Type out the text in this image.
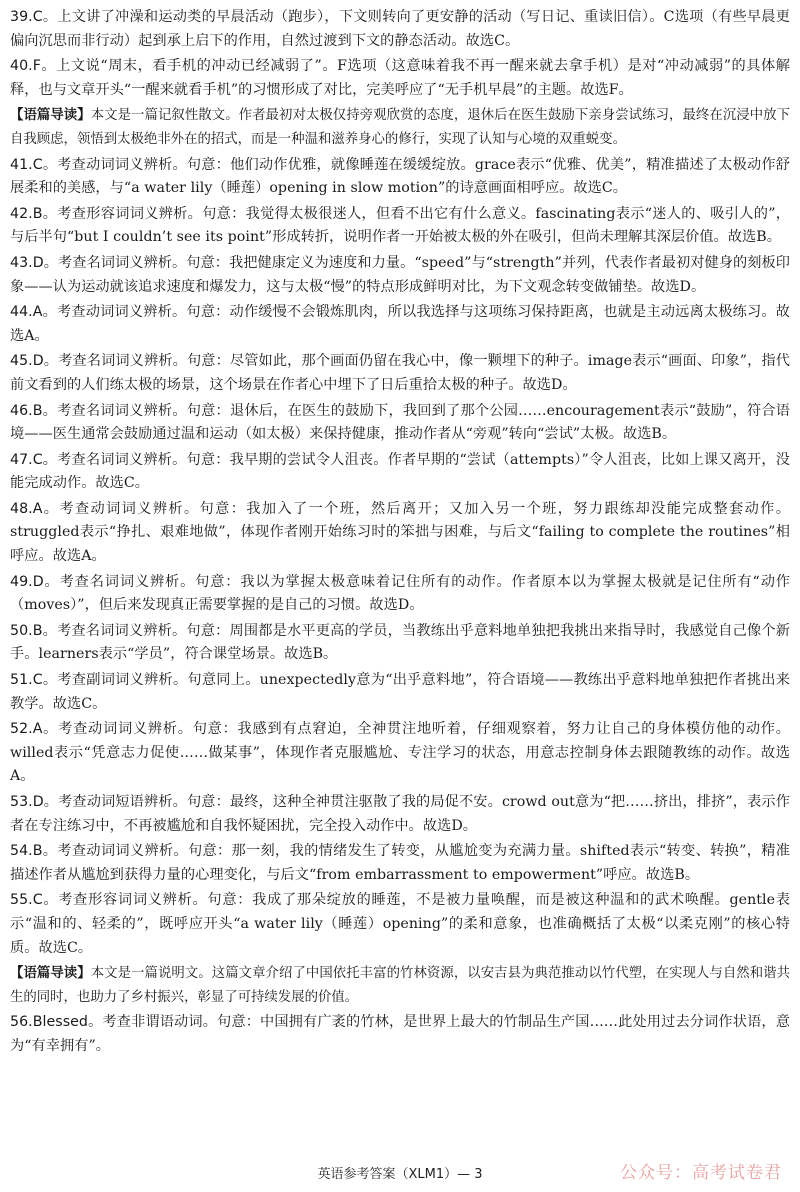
39.C。上文讲了冲澡和运动类的早晨活动（跑步），下文则转向了更安静的活动（写日记、重读旧信）。C选项（有些早晨更偏向沉思而非行动）起到承上启下的作用，自然过渡到下文的静态活动。故选C。

40.F。上文说“周末，看手机的冲动已经减弱了”。F选项（这意味着我不再一醒来就去拿手机）是对“冲动减弱”的具体解释，也与文章开头“一醒来就看手机”的习惯形成了对比，完美呼应了“无手机早晨”的主题。故选F。

【语篇导读】本文是一篇记叙性散文。作者最初对太极仅持旁观欣赏的态度，退休后在医生鼓励下亲身尝试练习，最终在沉浸中放下自我顾虑，领悟到太极绝非外在的招式，而是一种温和滋养身心的修行，实现了认知与心境的双重蜕变。

41.C。考查动词词义辨析。句意：他们动作优雅，就像睡莲在缓缓绽放。grace表示“优雅、优美”，精准描述了太极动作舒展柔和的美感，与“a water lily（睡莲）opening in slow motion”的诗意画面相呼应。故选C。

42.B。考查形容词词义辨析。句意：我觉得太极很迷人，但看不出它有什么意义。fascinating表示“迷人的、吸引人的”，与后半句“but I couldn’t see its point”形成转折，说明作者一开始被太极的外在吸引，但尚未理解其深层价值。故选B。

43.D。考查名词词义辨析。句意：我把健康定义为速度和力量。“speed”与“strength”并列，代表作者最初对健身的刻板印象——认为运动就该追求速度和爆发力，这与太极“慢”的特点形成鲜明对比，为下文观念转变做铺垫。故选D。

44.A。考查动词词义辨析。句意：动作缓慢不会锻炼肌肉，所以我选择与这项练习保持距离，也就是主动远离太极练习。故选A。

45.D。考查名词词义辨析。句意：尽管如此，那个画面仍留在我心中，像一颗埋下的种子。image表示“画面、印象”，指代前文看到的人们练太极的场景，这个场景在作者心中埋下了日后重拾太极的种子。故选D。

46.B。考查名词词义辨析。句意：退休后，在医生的鼓励下，我回到了那个公园……encouragement表示“鼓励”，符合语境——医生通常会鼓励通过温和运动（如太极）来保持健康，推动作者从“旁观”转向“尝试”太极。故选B。

47.C。考查名词词义辨析。句意：我早期的尝试令人沮丧。作者早期的“尝试（attempts）”令人沮丧，比如上课又离开，没能完成动作。故选C。

48.A。考查动词词义辨析。句意：我加入了一个班，然后离开；又加入另一个班，努力跟练却没能完成整套动作。struggled表示“挣扎、艰难地做”，体现作者刚开始练习时的笨拙与困难，与后文“failing to complete the routines”相呼应。故选A。

49.D。考查名词词义辨析。句意：我以为掌握太极意味着记住所有的动作。作者原本以为掌握太极就是记住所有“动作（moves）”，但后来发现真正需要掌握的是自己的习惯。故选D。

50.B。考查名词词义辨析。句意：周围都是水平更高的学员，当教练出乎意料地单独把我挑出来指导时，我感觉自己像个新手。learners表示“学员”，符合课堂场景。故选B。

51.C。考查副词词义辨析。句意同上。unexpectedly意为“出乎意料地”，符合语境——教练出乎意料地单独把作者挑出来教学。故选C。

52.A。考查动词词义辨析。句意：我感到有点窘迫，全神贯注地听着，仔细观察着，努力让自己的身体模仿他的动作。willed表示“凭意志力促使……做某事”，体现作者克服尴尬、专注学习的状态，用意志控制身体去跟随教练的动作。故选A。

53.D。考查动词短语辨析。句意：最终，这种全神贯注驱散了我的局促不安。crowd out意为“把……挤出，排挤”，表示作者在专注练习中，不再被尴尬和自我怀疑困扰，完全投入动作中。故选D。

54.B。考查动词词义辨析。句意：那一刻，我的情绪发生了转变，从尴尬变为充满力量。shifted表示“转变、转换”，精准描述作者从尴尬到获得力量的心理变化，与后文“from embarrassment to empowerment”呼应。故选B。

55.C。考查形容词词义辨析。句意：我成了那朵绽放的睡莲，不是被力量唤醒，而是被这种温和的武术唤醒。gentle表示“温和的、轻柔的”，既呼应开头“a water lily（睡莲）opening”的柔和意象，也准确概括了太极“以柔克刚”的核心特质。故选C。

【语篇导读】本文是一篇说明文。这篇文章介绍了中国依托丰富的竹林资源，以安吉县为典范推动以竹代塑，在实现人与自然和谐共生的同时，也助力了乡村振兴，彰显了可持续发展的价值。

56.Blessed。考查非谓语动词。句意：中国拥有广袤的竹林，是世界上最大的竹制品生产国……此处用过去分词作状语，意为“有幸拥有”。

英语参考答案（XLM1）— 3	公众号：高考试卷君
